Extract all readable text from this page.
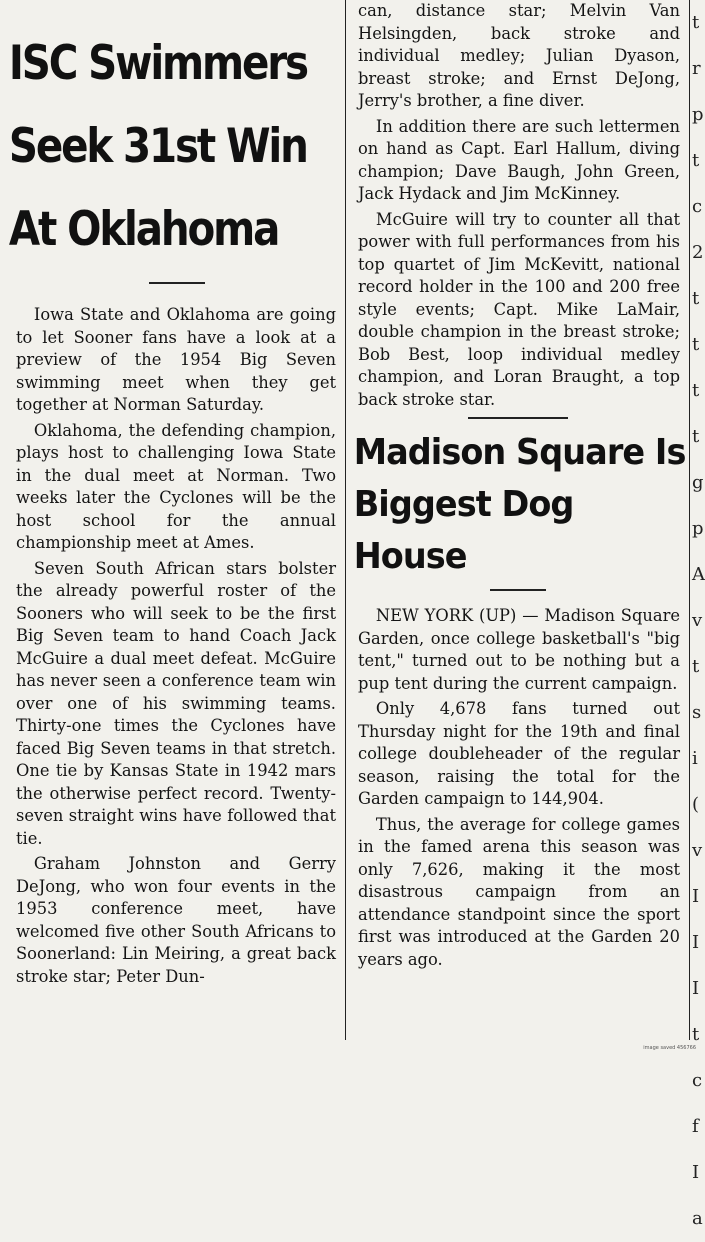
ISC Swimmers
Seek 31st Win
At Oklahoma

Iowa State and Oklahoma are going to let Sooner fans have a look at a preview of the 1954 Big Seven swimming meet when they get together at Norman Saturday.

Oklahoma, the defending champion, plays host to challenging Iowa State in the dual meet at Norman. Two weeks later the Cyclones will be the host school for the annual championship meet at Ames.

Seven South African stars bolster the already powerful roster of the Sooners who will seek to be the first Big Seven team to hand Coach Jack McGuire a dual meet defeat. McGuire has never seen a conference team win over one of his swimming teams. Thirty-one times the Cyclones have faced Big Seven teams in that stretch. One tie by Kansas State in 1942 mars the otherwise perfect record. Twenty-seven straight wins have followed that tie.

Graham Johnston and Gerry DeJong, who won four events in the 1953 conference meet, have welcomed five other South Africans to Soonerland: Lin Meiring, a great back stroke star; Peter Dun-

can, distance star; Melvin Van Helsingden, back stroke and individual medley; Julian Dyason, breast stroke; and Ernst DeJong, Jerry's brother, a fine diver.

In addition there are such lettermen on hand as Capt. Earl Hallum, diving champion; Dave Baugh, John Green, Jack Hydack and Jim McKinney.

McGuire will try to counter all that power with full performances from his top quartet of Jim McKevitt, national record holder in the 100 and 200 free style events; Capt. Mike LaMair, double champion in the breast stroke; Bob Best, loop individual medley champion, and Loran Braught, a top back stroke star.

Madison Square Is
Biggest Dog House

NEW YORK (UP) — Madison Square Garden, once college basketball's "big tent," turned out to be nothing but a pup tent during the current campaign.

Only 4,678 fans turned out Thursday night for the 19th and final college doubleheader of the regular season, raising the total for the Garden campaign to 144,904.

Thus, the average for college games in the famed arena this season was only 7,626, making it the most disastrous campaign from an attendance standpoint since the sport first was introduced at the Garden 20 years ago.

t
r
p
t
c
2
t
t
t
t
g
p
A
v
t
s
i
(
v
I
I
I
t
c
f
I
a
image saved 456766
